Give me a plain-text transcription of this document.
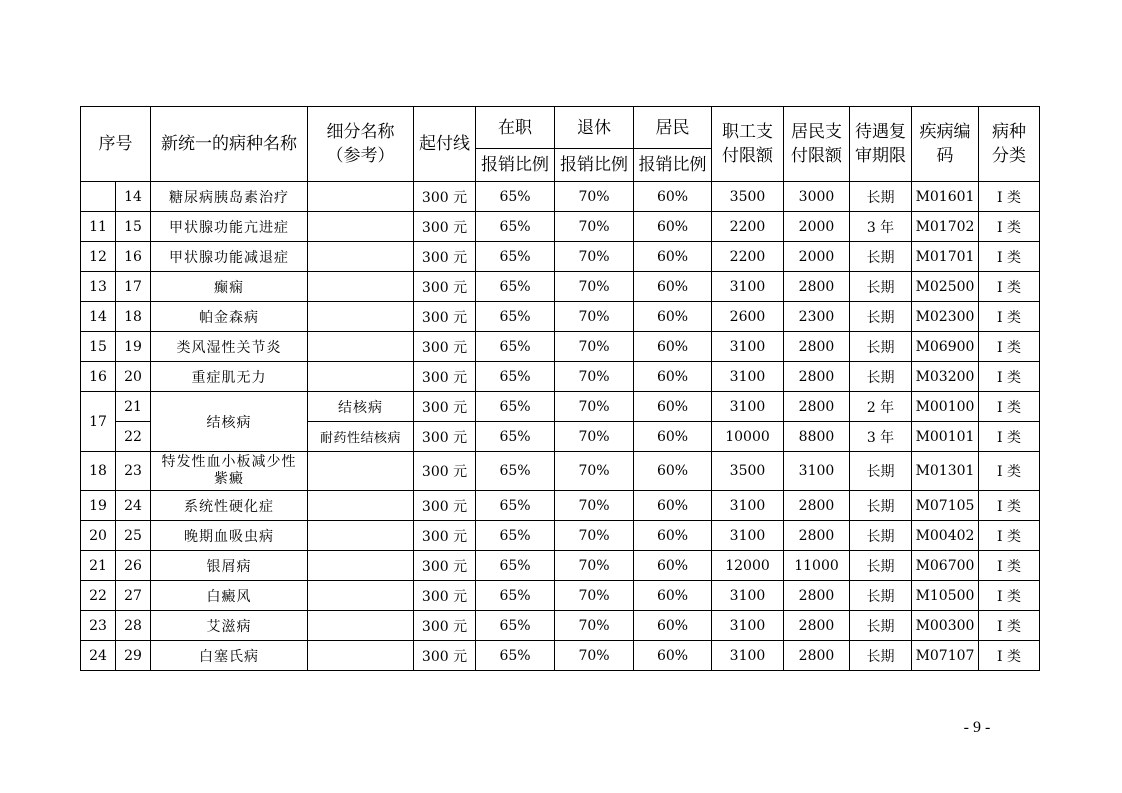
序号		新统一的病种名称	细分名称（参考）	起付线	在职	退休	居民	职工支付限额	居民支付限额	待遇复审期限	疾病编码	病种分类
					报销比例	报销比例	报销比例					
	14	糖尿病胰岛素治疗		300 元	65%	70%	60%	3500	3000	长期	M01601	I 类
11	15	甲状腺功能亢进症		300 元	65%	70%	60%	2200	2000	3 年	M01702	I 类
12	16	甲状腺功能减退症		300 元	65%	70%	60%	2200	2000	长期	M01701	I 类
13	17	癫痫		300 元	65%	70%	60%	3100	2800	长期	M02500	I 类
14	18	帕金森病		300 元	65%	70%	60%	2600	2300	长期	M02300	I 类
15	19	类风湿性关节炎		300 元	65%	70%	60%	3100	2800	长期	M06900	I 类
16	20	重症肌无力		300 元	65%	70%	60%	3100	2800	长期	M03200	I 类
17	21	结核病	结核病	300 元	65%	70%	60%	3100	2800	2 年	M00100	I 类
	22		耐药性结核病	300 元	65%	70%	60%	10000	8800	3 年	M00101	I 类
18	23	特发性血小板减少性紫癜		300 元	65%	70%	60%	3500	3100	长期	M01301	I 类
19	24	系统性硬化症		300 元	65%	70%	60%	3100	2800	长期	M07105	I 类
20	25	晚期血吸虫病		300 元	65%	70%	60%	3100	2800	长期	M00402	I 类
21	26	银屑病		300 元	65%	70%	60%	12000	11000	长期	M06700	I 类
22	27	白癜风		300 元	65%	70%	60%	3100	2800	长期	M10500	I 类
23	28	艾滋病		300 元	65%	70%	60%	3100	2800	长期	M00300	I 类
24	29	白塞氏病		300 元	65%	70%	60%	3100	2800	长期	M07107	I 类
- 9 -
